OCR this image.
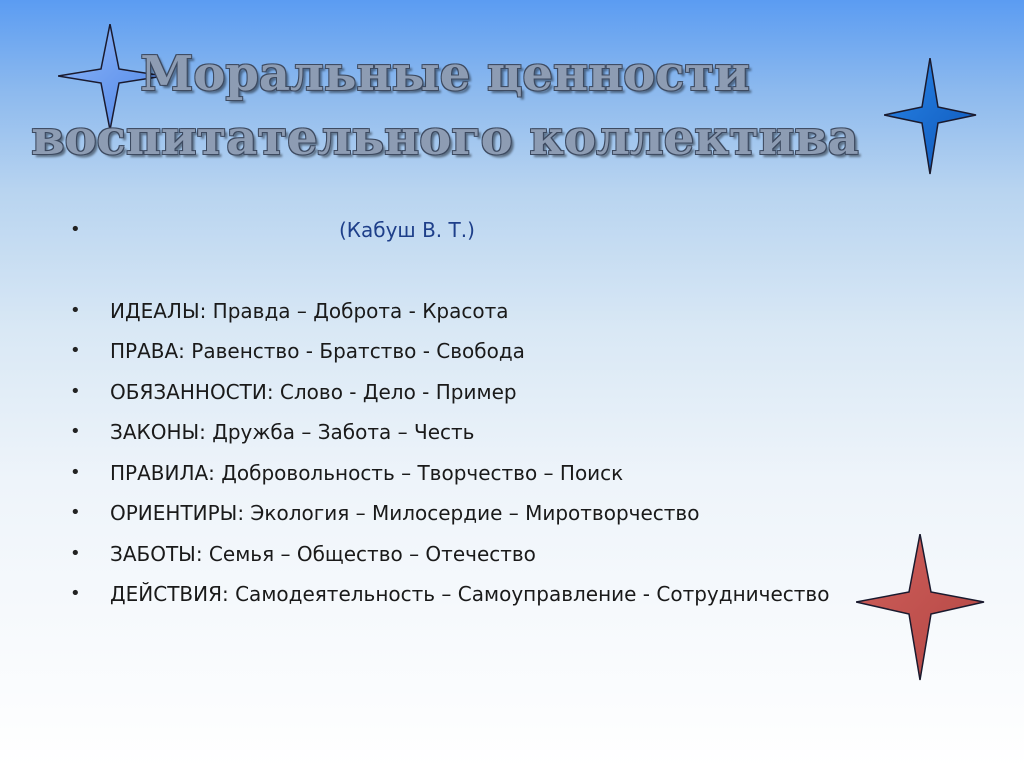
Моральные ценности
воспитательного коллектива
•	(Кабуш В. Т.)
• ИДЕАЛЫ: Правда – Доброта - Красота
• ПРАВА: Равенство - Братство - Свобода
• ОБЯЗАННОСТИ: Слово - Дело - Пример
• ЗАКОНЫ: Дружба – Забота – Честь
• ПРАВИЛА: Добровольность – Творчество – Поиск
• ОРИЕНТИРЫ: Экология – Милосердие – Миротворчество
• ЗАБОТЫ: Семья – Общество – Отечество
• ДЕЙСТВИЯ: Самодеятельность – Самоуправление - Сотрудничество
